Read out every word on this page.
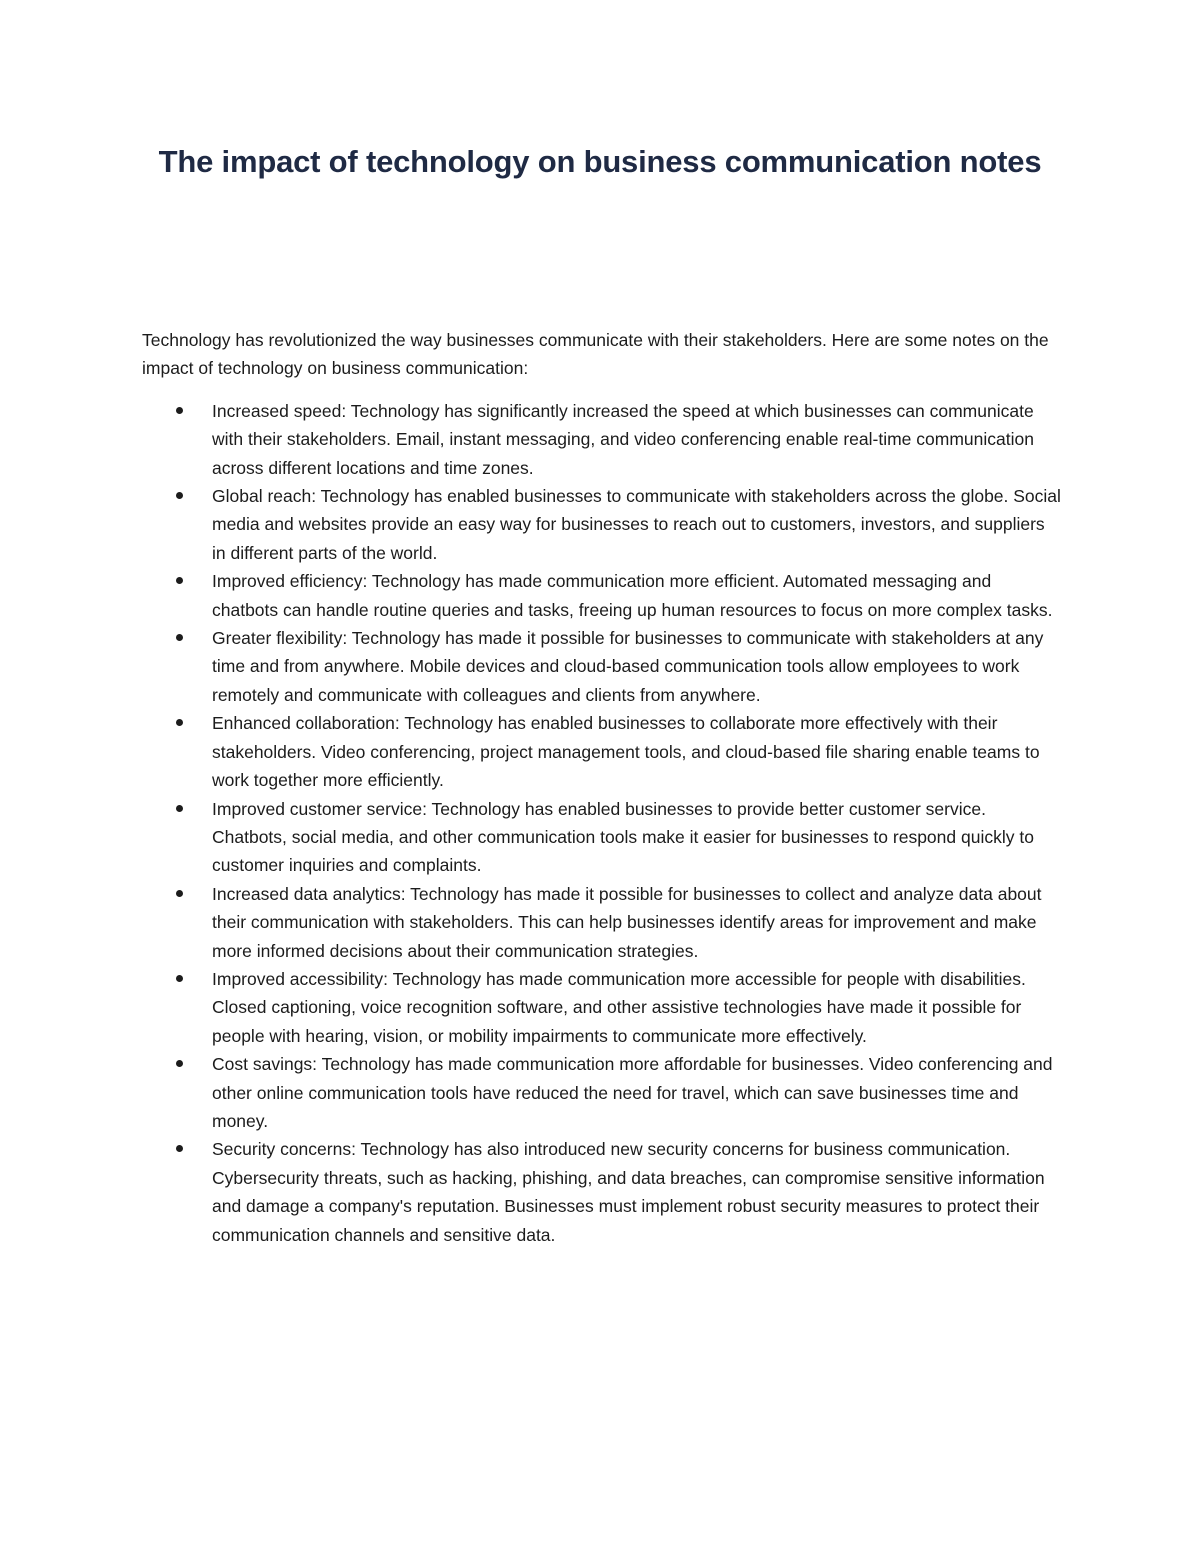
The impact of technology on business communication notes

Technology has revolutionized the way businesses communicate with their stakeholders. Here are some notes on the impact of technology on business communication:

Increased speed: Technology has significantly increased the speed at which businesses can communicate with their stakeholders. Email, instant messaging, and video conferencing enable real-time communication across different locations and time zones.
Global reach: Technology has enabled businesses to communicate with stakeholders across the globe. Social media and websites provide an easy way for businesses to reach out to customers, investors, and suppliers in different parts of the world.
Improved efficiency: Technology has made communication more efficient. Automated messaging and chatbots can handle routine queries and tasks, freeing up human resources to focus on more complex tasks.
Greater flexibility: Technology has made it possible for businesses to communicate with stakeholders at any time and from anywhere. Mobile devices and cloud-based communication tools allow employees to work remotely and communicate with colleagues and clients from anywhere.
Enhanced collaboration: Technology has enabled businesses to collaborate more effectively with their stakeholders. Video conferencing, project management tools, and cloud-based file sharing enable teams to work together more efficiently.
Improved customer service: Technology has enabled businesses to provide better customer service. Chatbots, social media, and other communication tools make it easier for businesses to respond quickly to customer inquiries and complaints.
Increased data analytics: Technology has made it possible for businesses to collect and analyze data about their communication with stakeholders. This can help businesses identify areas for improvement and make more informed decisions about their communication strategies.
Improved accessibility: Technology has made communication more accessible for people with disabilities. Closed captioning, voice recognition software, and other assistive technologies have made it possible for people with hearing, vision, or mobility impairments to communicate more effectively.
Cost savings: Technology has made communication more affordable for businesses. Video conferencing and other online communication tools have reduced the need for travel, which can save businesses time and money.
Security concerns: Technology has also introduced new security concerns for business communication. Cybersecurity threats, such as hacking, phishing, and data breaches, can compromise sensitive information and damage a company's reputation. Businesses must implement robust security measures to protect their communication channels and sensitive data.
